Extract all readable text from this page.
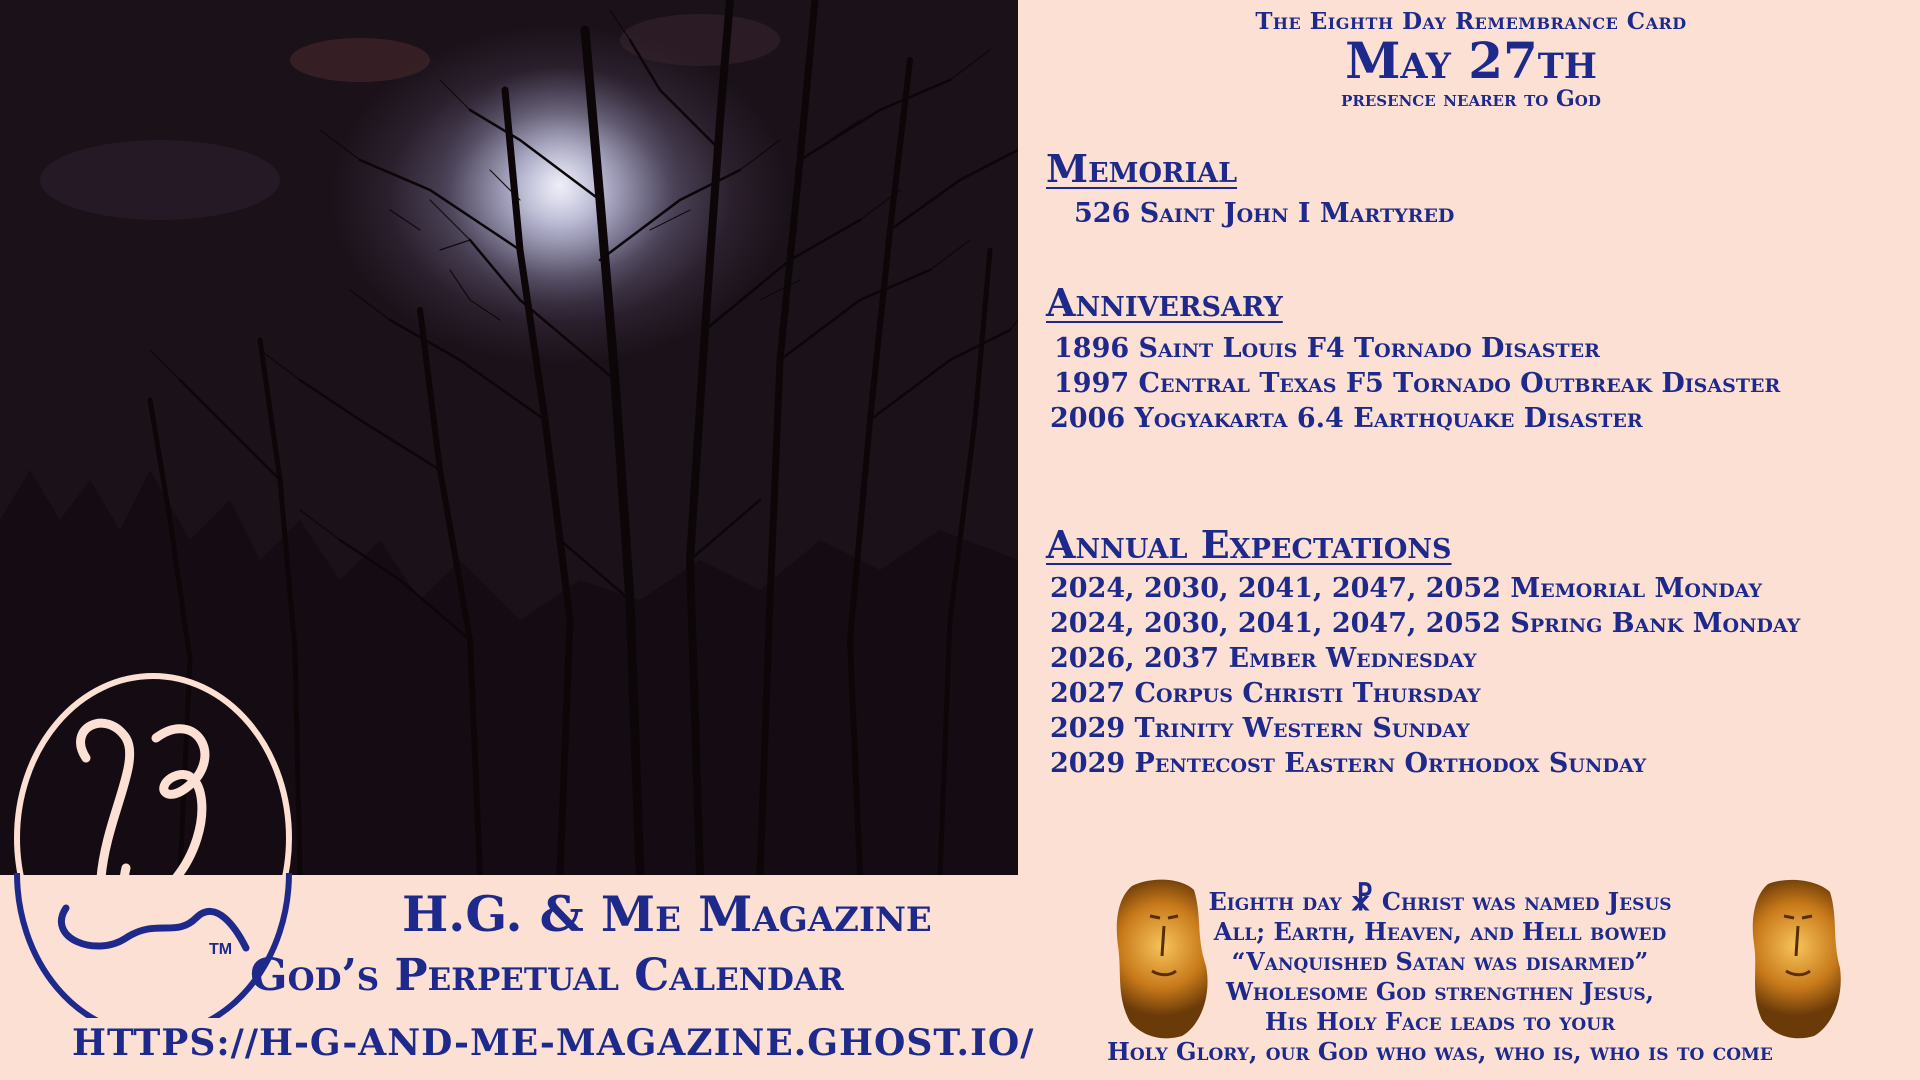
TM
H.G. & Me Magazine
God’s Perpetual Calendar
HTTPS://H-G-AND-ME-MAGAZINE.GHOST.IO/
The Eighth Day Remembrance Card
May 27th
presence nearer to God
Memorial
526 Saint John I Martyred
Anniversary
1896 Saint Louis F4 Tornado Disaster
1997 Central Texas F5 Tornado Outbreak Disaster
2006 Yogyakarta 6.4 Earthquake Disaster
Annual Expectations
2024, 2030, 2041, 2047, 2052 Memorial Monday
2024, 2030, 2041, 2047, 2052 Spring Bank Monday
2026, 2037 Ember Wednesday
2027 Corpus Christi Thursday
2029 Trinity Western Sunday
2029 Pentecost Eastern Orthodox Sunday
Eighth day ☧ Christ was named Jesus
All; Earth, Heaven, and Hell bowed
“Vanquished Satan was disarmed”
Wholesome God strengthen Jesus,
His Holy Face leads to your
Holy Glory, our God who was, who is, who is to come
